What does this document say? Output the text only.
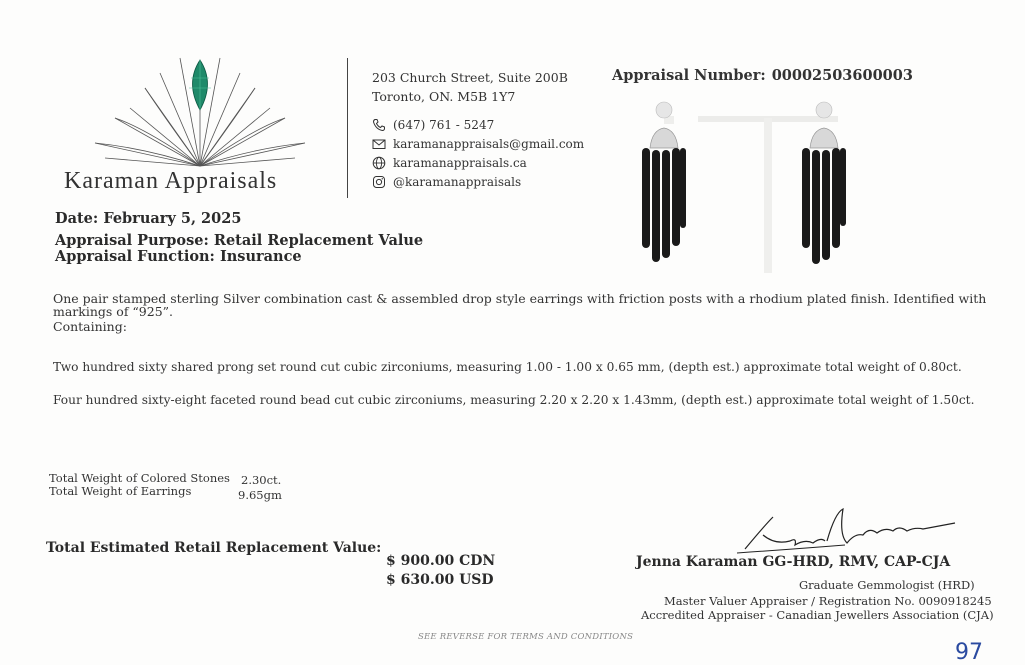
Karaman Appraisals
203 Church Street, Suite 200B
Toronto, ON. M5B 1Y7
(647) 761 - 5247
karamanappraisals@gmail.com
karamanappraisals.ca
@karamanappraisals
Appraisal Number: 00002503600003
Date: February 5, 2025
Appraisal Purpose: Retail Replacement Value
Appraisal Function: Insurance
One pair stamped sterling Silver combination cast & assembled drop style earrings with friction posts with a rhodium plated finish. Identified with
markings of “925”.
Containing:
Two hundred sixty shared prong set round cut cubic zirconiums, measuring 1.00 - 1.00 x 0.65 mm, (depth est.) approximate total weight of 0.80ct.
Four hundred sixty-eight faceted round bead cut cubic zirconiums, measuring 2.20 x 2.20 x 1.43mm, (depth est.) approximate total weight of 1.50ct.
Total Weight of Colored Stones 2.30ct.
Total Weight of Earrings	9.65gm
Total Estimated Retail Replacement Value:
$ 900.00 CDN
$ 630.00 USD
Jenna Karaman GG-HRD, RMV, CAP-CJA
Graduate Gemmologist (HRD)
Master Valuer Appraiser / Registration No. 0090918245
Accredited Appraiser - Canadian Jewellers Association (CJA)
SEE REVERSE FOR TERMS AND CONDITIONS
97
